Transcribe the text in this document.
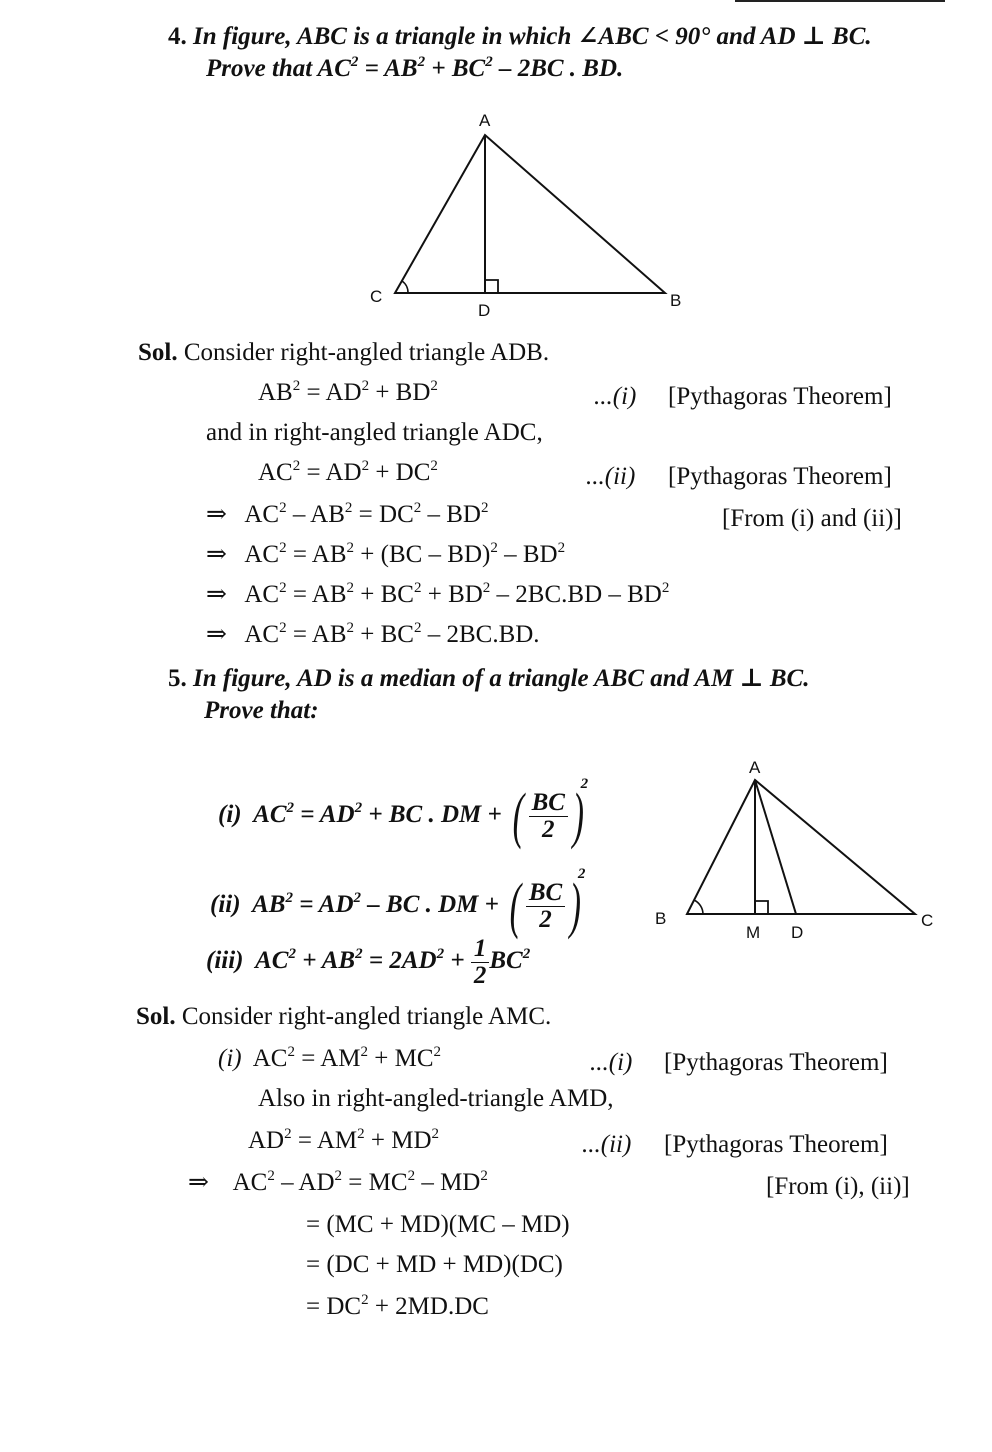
4. In figure, ABC is a triangle in which ∠ABC < 90° and AD ⊥ BC.
Prove that $AC^2 = AB^2 + BC^2 - 2BC$ . BD.
A
C
D
B
Sol. Consider right-angled triangle ADB.
$AB^2 = AD^2 + BD^2$	...(i) [Pythagoras Theorem]
and in right-angled triangle ADC,
$AC^2 = AD^2 + DC^2$	...(ii) [Pythagoras Theorem]
⇒ $AC^2 - AB^2 = DC^2 - BD^2$	[From (i) and (ii)]
⇒ $AC^2 = AB^2 + (BC - BD)^2 - BD^2$
⇒ $AC^2 = AB^2 + BC^2 + BD^2 - 2BC.BD - BD^2$
⇒ $AC^2 = AB^2 + BC^2 - 2BC.BD$.
5. In figure, AD is a median of a triangle ABC and AM ⊥ BC.
Prove that:
(i) $AC^2 = AD^2$ + BC . DM + ( $\frac{BC}{2} )^2$
(ii) $AB^2 = AD^2$ – BC . DM + ( $\frac{BC}{2} )^2$
(iii) $AC^2 + AB^2 = 2AD^2 + \frac{1}{2} BC^2$
A
B
M D
C
Sol. Consider right-angled triangle AMC.
(i) $AC^2 = AM^2 + MC^2$	...(i) [Pythagoras Theorem]
Also in right-angled-triangle AMD,
$AD^2 = AM^2 + MD^2$	...(ii) [Pythagoras Theorem]
⇒ $AC^2 - AD^2 = MC^2 - MD^2$	[From (i), (ii)]
= (MC + MD)(MC – MD)
= (DC + MD + MD)(DC)
= $DC^2 + 2MD.DC$
